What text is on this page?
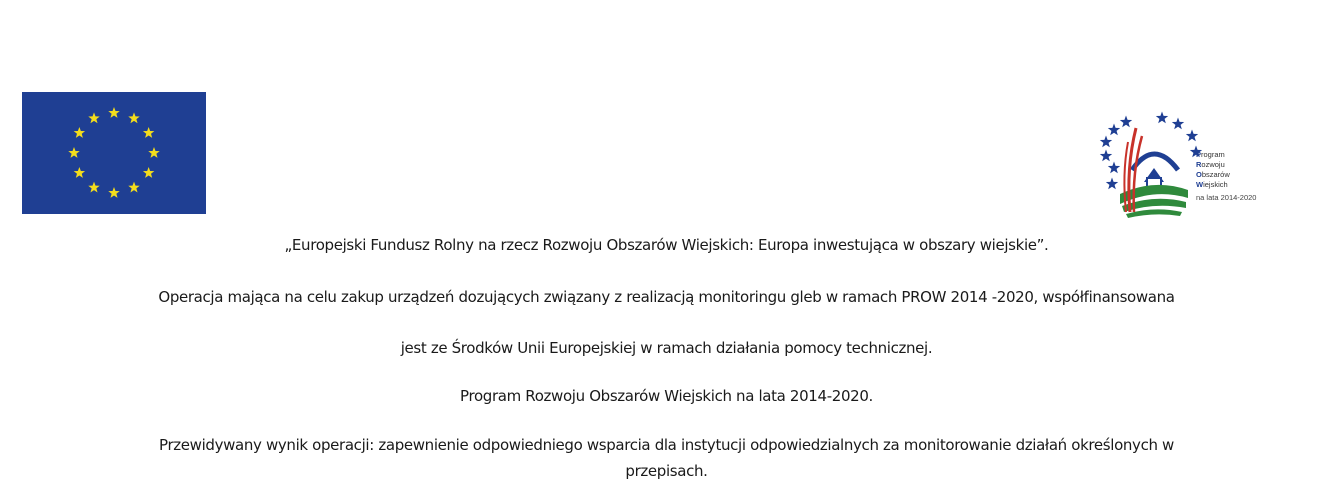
Program
Rozwoju
Obszarów
Wiejskich
na lata 2014-2020
„Europejski Fundusz Rolny na rzecz Rozwoju Obszarów Wiejskich: Europa inwestująca w obszary wiejskie”.
Operacja mająca na celu zakup urządzeń dozujących związany z realizacją monitoringu gleb w ramach PROW 2014 -2020, współfinansowana
jest ze Środków Unii Europejskiej w ramach działania pomocy technicznej.
Program Rozwoju Obszarów Wiejskich na lata 2014-2020.
Przewidywany wynik operacji: zapewnienie odpowiedniego wsparcia dla instytucji odpowiedzialnych za monitorowanie działań określonych w
przepisach.
